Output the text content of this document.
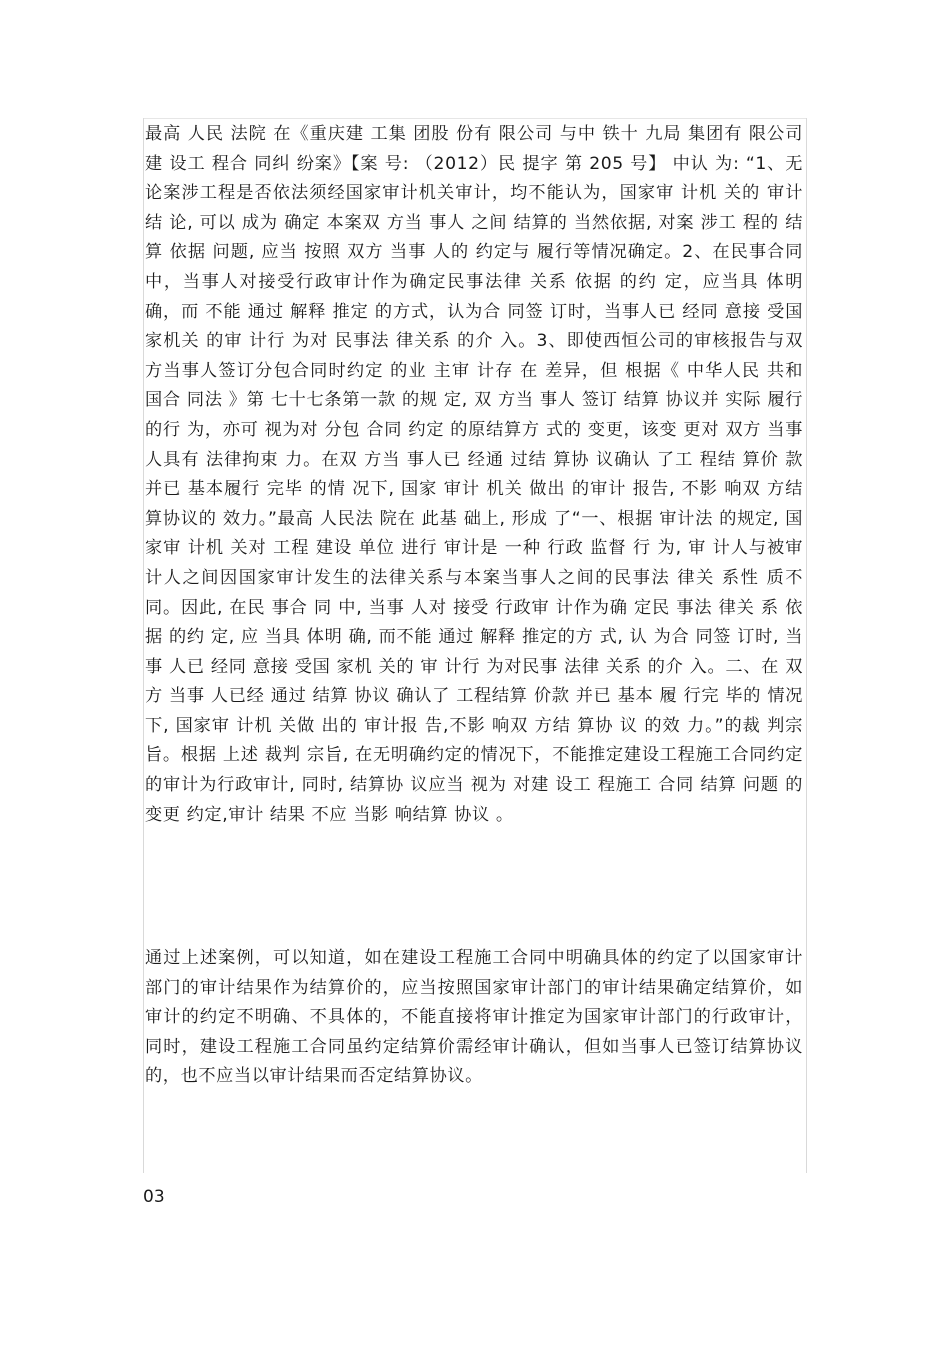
最高 人民 法院 在《重庆建 工集 团股 份有 限公司 与中 铁十 九局 集团有 限公司建 设工 程合 同纠 纷案》【案 号: （2012）民 提字 第 205 号】 中认 为: “1、无论案涉工程是否依法须经国家审计机关审计，均不能认为，国家审 计机 关的 审计 结 论, 可以 成为 确定 本案双 方当 事人 之间 结算的 当然依据, 对案 涉工 程的 结算 依据 问题, 应当 按照 双方 当事 人的 约定与 履行等情况确定。2、在民事合同中，当事人对接受行政审计作为确定民事法律 关系 依据 的约 定，应当具 体明 确，而 不能 通过 解释 推定 的方式，认为合 同签 订时，当事人已 经同 意接 受国 家机关 的审 计行 为对 民事法 律关系 的介 入。3、即使西恒公司的审核报告与双方当事人签订分包合同时约定 的业 主审 计存 在 差异，但 根据《 中华人民 共和 国合 同法 》第 七十七条第一款 的规 定, 双 方当 事人 签订 结算 协议并 实际 履行 的行 为，亦可 视为对 分包 合同 约定 的原结算方 式的 变更，该变 更对 双方 当事 人具有 法律拘束 力。在双 方当 事人已 经通 过结 算协 议确认 了工 程结 算价 款并已 基本履行 完毕 的情 况下, 国家 审计 机关 做出 的审计 报告, 不影 响双 方结 算协议的 效力。”最高 人民法 院在 此基 础上, 形成 了“一、根据 审计法 的规定, 国 家审 计机 关对 工程 建设 单位 进行 审计是 一种 行政 监督 行 为, 审 计人与被审计人之间因国家审计发生的法律关系与本案当事人之间的民事法 律关 系性 质不 同。因此, 在民 事合 同 中, 当事 人对 接受 行政审 计作为确 定民 事法 律关 系 依据 的约 定, 应 当具 体明 确, 而不能 通过 解释 推定的方 式, 认 为合 同签 订时, 当事 人已 经同 意接 受国 家机 关的 审 计行 为对民事 法律 关系 的介 入。二、在 双方 当事 人已经 通过 结算 协议 确认了 工程结算 价款 并已 基本 履 行完 毕的 情况 下, 国家审 计机 关做 出的 审计报 告,不影 响双 方结 算协 议 的效 力。”的裁 判宗 旨。根据 上述 裁判 宗旨, 在无明确约定的情况下，不能推定建设工程施工合同约定的审计为行政审计, 同时, 结算协 议应当 视为 对建 设工 程施工 合同 结算 问题 的变更 约定,审计 结果 不应 当影 响结算 协议 。

通过上述案例，可以知道，如在建设工程施工合同中明确具体的约定了以国家审计部门的审计结果作为结算价的，应当按照国家审计部门的审计结果确定结算价，如审计的约定不明确、不具体的，不能直接将审计推定为国家审计部门的行政审计，同时，建设工程施工合同虽约定结算价需经审计确认，但如当事人已签订结算协议的，也不应当以审计结果而否定结算协议。

03
